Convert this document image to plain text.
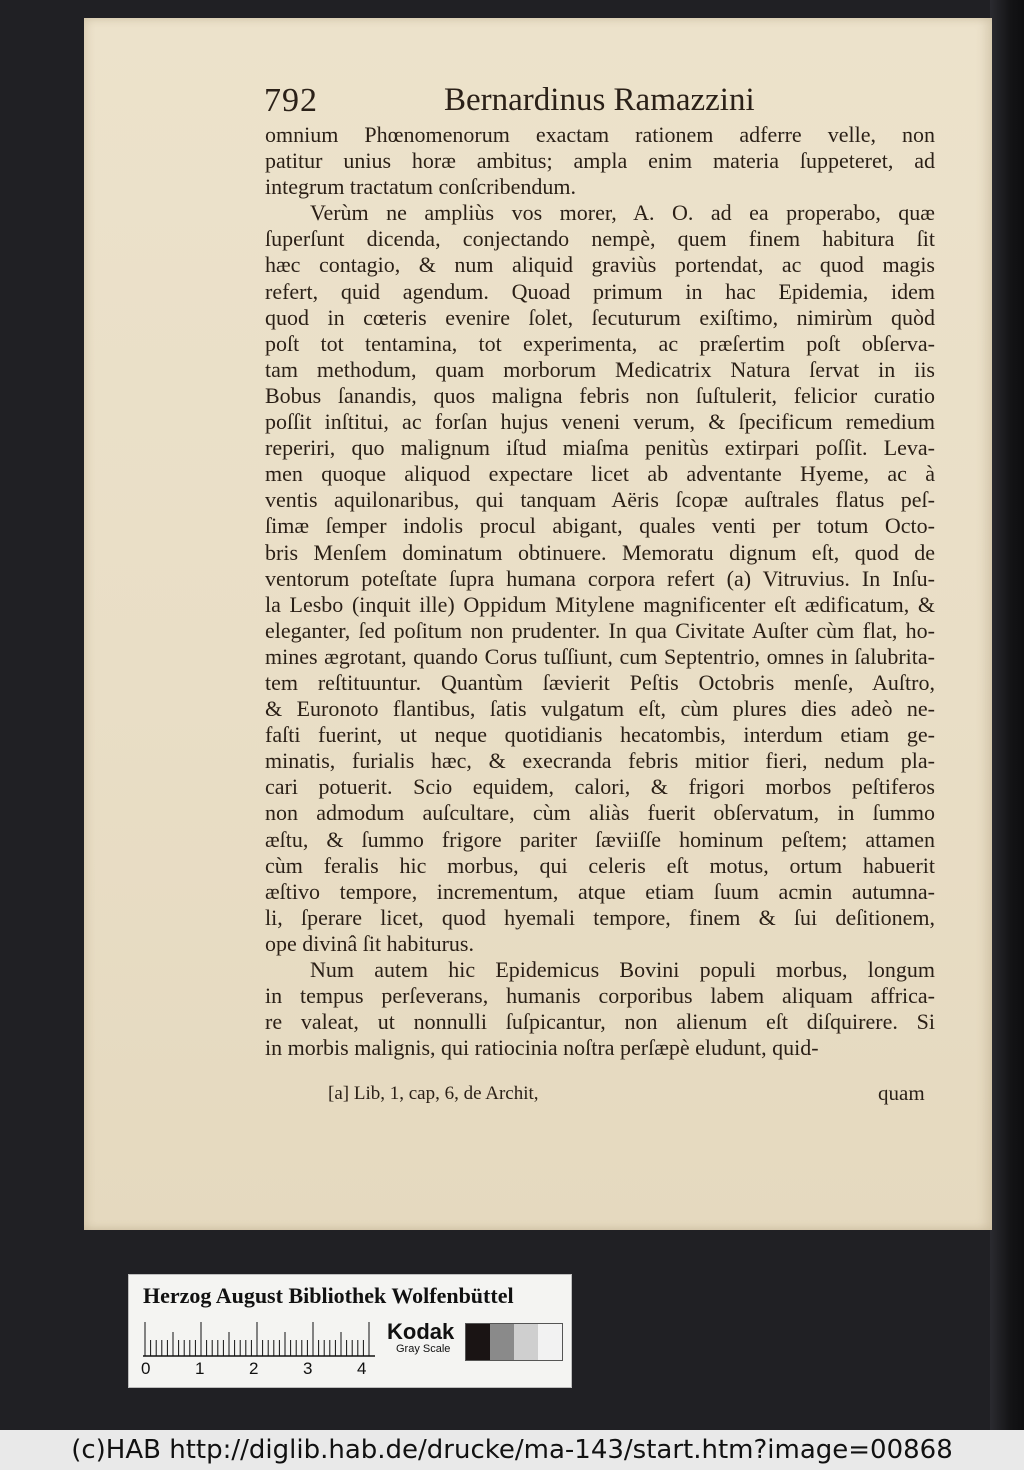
792	Bernardinus Ramazzini
omnium Phœnomenorum exactam rationem adferre velle, non
patitur unius horæ ambitus; ampla enim materia ſuppeteret, ad
integrum tractatum conſcribendum.
Verùm ne ampliùs vos morer, A. O. ad ea properabo, quæ
ſuperſunt dicenda, conjectando nempè, quem finem habitura ſit
hæc contagio, & num aliquid graviùs portendat, ac quod magis
refert, quid agendum. Quoad primum in hac Epidemia, idem
quod in cœteris evenire ſolet, ſecuturum exiſtimo, nimirùm quòd
poſt tot tentamina, tot experimenta, ac præſertim poſt obſerva-
tam methodum, quam morborum Medicatrix Natura ſervat in iis
Bobus ſanandis, quos maligna febris non ſuſtulerit, felicior curatio
poſſit inſtitui, ac forſan hujus veneni verum, & ſpecificum remedium
reperiri, quo malignum iſtud miaſma penitùs extirpari poſſit. Leva-
men quoque aliquod expectare licet ab adventante Hyeme, ac à
ventis aquilonaribus, qui tanquam Aëris ſcopæ auſtrales flatus peſ-
ſimæ ſemper indolis procul abigant, quales venti per totum Octo-
bris Menſem dominatum obtinuere. Memoratu dignum eſt, quod de
ventorum poteſtate ſupra humana corpora refert (a) Vitruvius. In Inſu-
la Lesbo (inquit ille) Oppidum Mitylene magnificenter eſt ædificatum, &
eleganter, ſed poſitum non prudenter. In qua Civitate Auſter cùm flat, ho-
mines ægrotant, quando Corus tuſſiunt, cum Septentrio, omnes in ſalubrita-
tem reſtituuntur. Quantùm ſævierit Peſtis Octobris menſe, Auſtro,
& Euronoto flantibus, ſatis vulgatum eſt, cùm plures dies adeò ne-
faſti fuerint, ut neque quotidianis hecatombis, interdum etiam ge-
minatis, furialis hæc, & execranda febris mitior fieri, nedum pla-
cari potuerit. Scio equidem, calori, & frigori morbos peſtiferos
non admodum auſcultare, cùm aliàs fuerit obſervatum, in ſummo
æſtu, & ſummo frigore pariter ſæviiſſe hominum peſtem; attamen
cùm feralis hic morbus, qui celeris eſt motus, ortum habuerit
æſtivo tempore, incrementum, atque etiam ſuum acmin autumna-
li, ſperare licet, quod hyemali tempore, finem & ſui deſitionem,
ope divinâ ſit habiturus.
Num autem hic Epidemicus Bovini populi morbus, longum
in tempus perſeverans, humanis corporibus labem aliquam affrica-
re valeat, ut nonnulli ſuſpicantur, non alienum eſt diſquirere. Si
in morbis malignis, qui ratiocinia noſtra perſæpè eludunt, quid-
[a] Lib, 1, cap, 6, de Archit,	quam
Herzog August Bibliothek Wolfenbüttel
0	1	2	3	4
Kodak
Gray Scale
(c)HAB http://diglib.hab.de/drucke/ma-143/start.htm?image=00868
